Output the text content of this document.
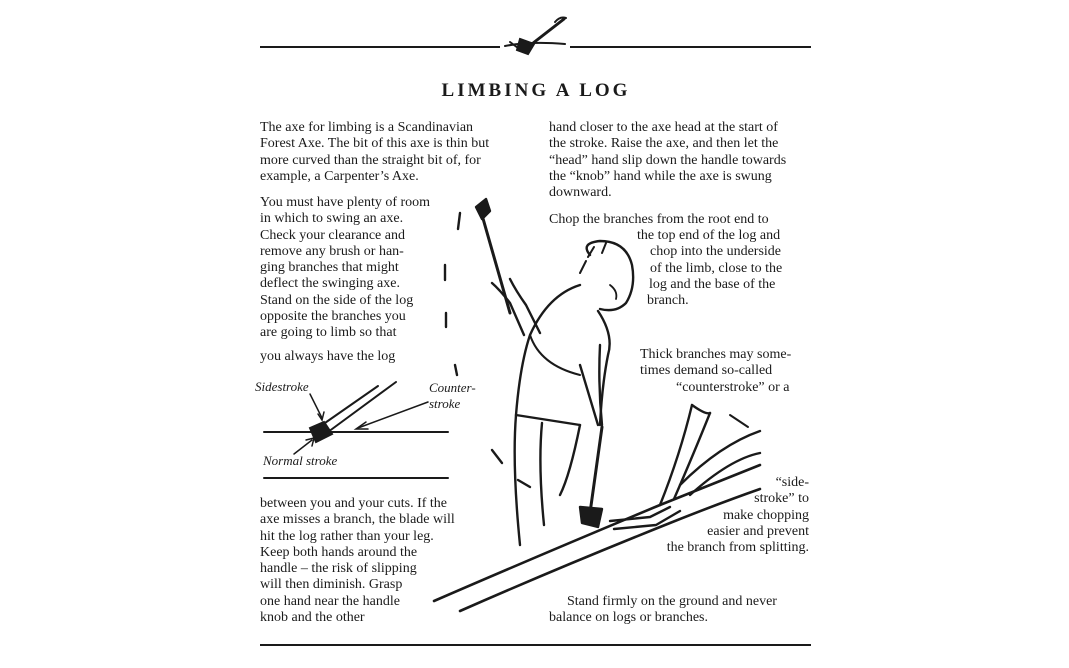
LIMBING A LOG
The axe for limbing is a Scandinavian
Forest Axe. The bit of this axe is thin but
more curved than the straight bit of, for
example, a Carpenter’s Axe.
You must have plenty of room
in which to swing an axe.
Check your clearance and
remove any brush or han-
ging branches that might
deflect the swinging axe.
Stand on the side of the log
opposite the branches you
are going to limb so that
you always have the log
Sidestroke	Counter-
stroke
Normal stroke
between you and your cuts. If the
axe misses a branch, the blade will
hit the log rather than your leg.
Keep both hands around the
handle – the risk of slipping
will then diminish. Grasp
one hand near the handle
knob and the other
hand closer to the axe head at the start of
the stroke. Raise the axe, and then let the
“head” hand slip down the handle towards
the “knob” hand while the axe is swung
downward.
Chop the branches from the root end to
the top end of the log and
chop into the underside
of the limb, close to the
log and the base of the
branch.
Thick branches may some-
times demand so-called
“counterstroke” or a
“side-
stroke” to
make chopping
easier and prevent
the branch from splitting.
Stand firmly on the ground and never
balance on logs or branches.
